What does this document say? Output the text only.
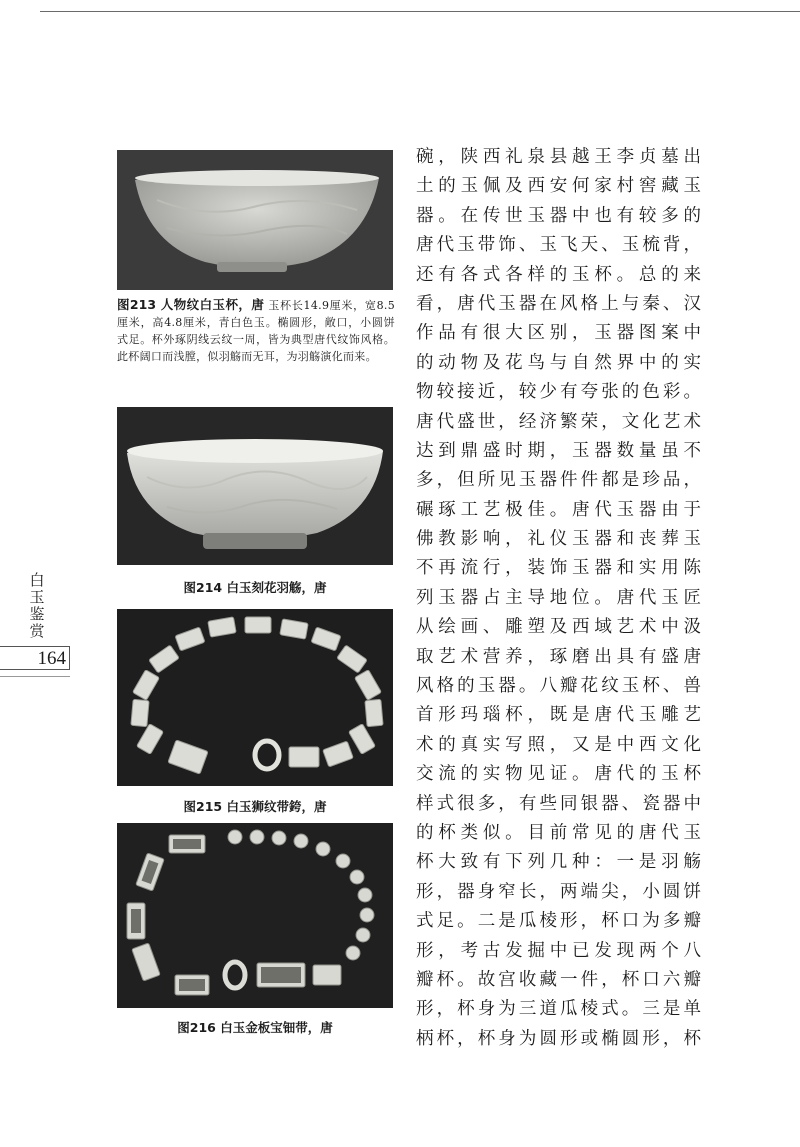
图213 人物纹白玉杯，唐 玉杯长14.9厘米，宽8.5厘米，高4.8厘米，青白色玉。椭圆形，敞口，小圆饼式足。杯外琢阴线云纹一周，皆为典型唐代纹饰风格。此杯阔口而浅膛，似羽觞而无耳，为羽觞演化而来。
图214 白玉刻花羽觞，唐
图215 白玉狮纹带銙，唐
图216 白玉金板宝钿带，唐
碗，陕西礼泉县越王李贞墓出
土的玉佩及西安何家村窖藏玉
器。在传世玉器中也有较多的
唐代玉带饰、玉飞天、玉梳背，
还有各式各样的玉杯。总的来
看，唐代玉器在风格上与秦、汉
作品有很大区别，玉器图案中
的动物及花鸟与自然界中的实
物较接近，较少有夸张的色彩。
唐代盛世，经济繁荣，文化艺术
达到鼎盛时期，玉器数量虽不
多，但所见玉器件件都是珍品，
碾琢工艺极佳。唐代玉器由于
佛教影响，礼仪玉器和丧葬玉
不再流行，装饰玉器和实用陈
列玉器占主导地位。唐代玉匠
从绘画、雕塑及西域艺术中汲
取艺术营养，琢磨出具有盛唐
风格的玉器。八瓣花纹玉杯、兽
首形玛瑙杯，既是唐代玉雕艺
术的真实写照，又是中西文化
交流的实物见证。唐代的玉杯
样式很多，有些同银器、瓷器中
的杯类似。目前常见的唐代玉
杯大致有下列几种：一是羽觞
形，器身窄长，两端尖，小圆饼
式足。二是瓜棱形，杯口为多瓣
形，考古发掘中已发现两个八
瓣杯。故宫收藏一件，杯口六瓣
形，杯身为三道瓜棱式。三是单
柄杯，杯身为圆形或椭圆形，杯
白
玉
鉴
赏
164
